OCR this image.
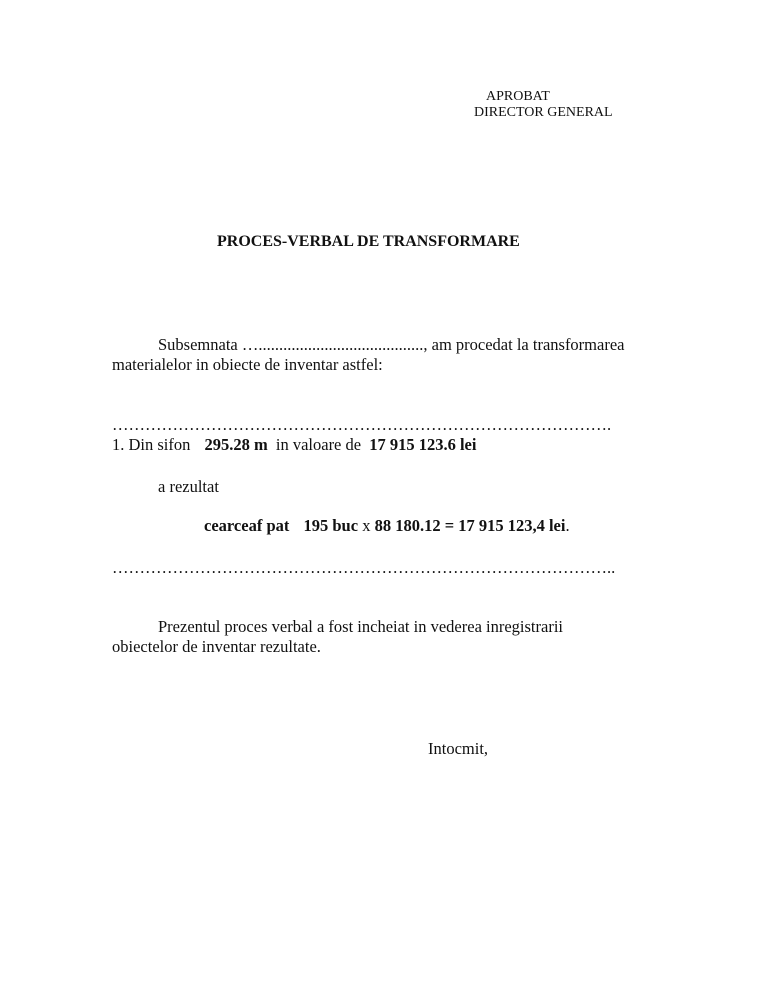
APROBAT
DIRECTOR GENERAL
PROCES-VERBAL DE TRANSFORMARE
Subsemnata …........................................, am procedat la transformarea
materialelor in obiecte de inventar astfel:
……………………………………………………………………………….
1. Din sifon 295.28 m in valoare de 17 915 123.6 lei
a rezultat
cearceaf pat 195 buc x 88 180.12 = 17 915 123,4 lei.
………………………………………………………………………………..
Prezentul proces verbal a fost incheiat in vederea inregistrarii
obiectelor de inventar rezultate.
Intocmit,
